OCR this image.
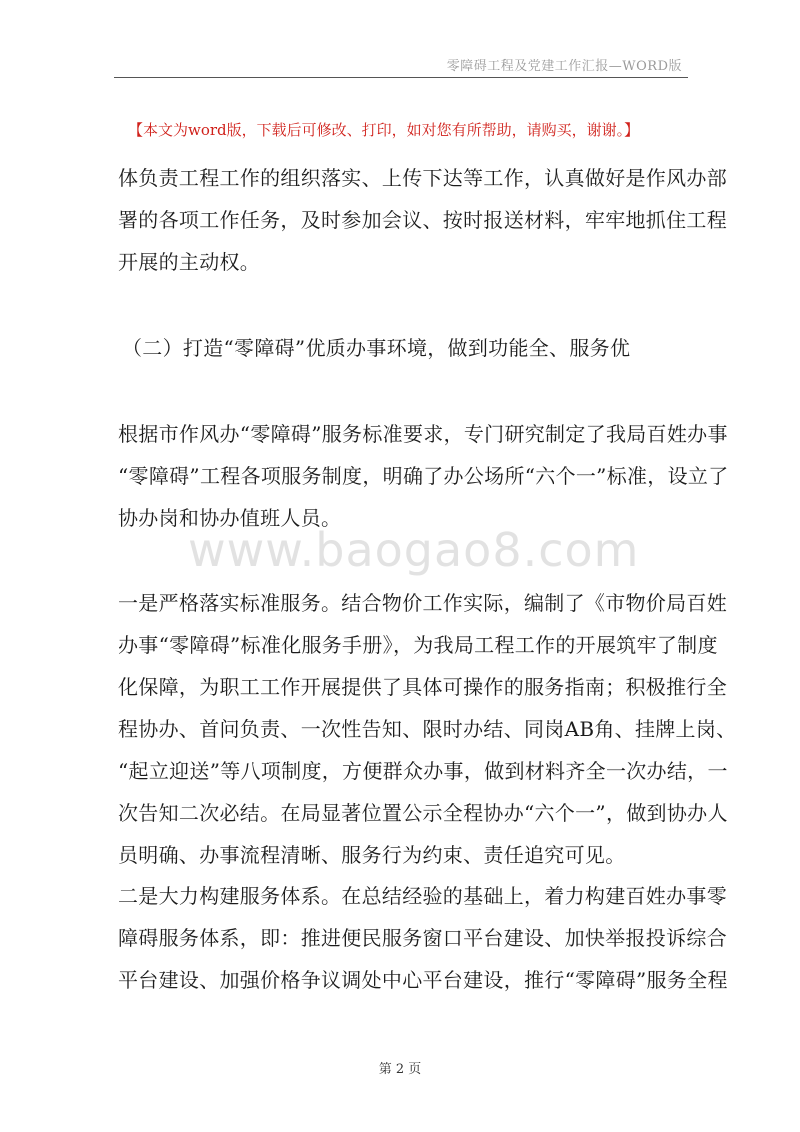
零障碍工程及党建工作汇报—WORD版
【本文为word版，下载后可修改、打印，如对您有所帮助，请购买，谢谢。】
体负责工程工作的组织落实、上传下达等工作，认真做好是作风办部
署的各项工作任务，及时参加会议、按时报送材料，牢牢地抓住工程
开展的主动权。
（二）打造“零障碍”优质办事环境，做到功能全、服务优
根据市作风办“零障碍”服务标准要求，专门研究制定了我局百姓办事
“零障碍”工程各项服务制度，明确了办公场所“六个一”标准，设立了
协办岗和协办值班人员。
www.baogao8.com
一是严格落实标准服务。结合物价工作实际，编制了《市物价局百姓
办事“零障碍”标准化服务手册》，为我局工程工作的开展筑牢了制度
化保障，为职工工作开展提供了具体可操作的服务指南；积极推行全
程协办、首问负责、一次性告知、限时办结、同岗AB角、挂牌上岗、
“起立迎送”等八项制度，方便群众办事，做到材料齐全一次办结，一
次告知二次必结。在局显著位置公示全程协办“六个一”，做到协办人
员明确、办事流程清晰、服务行为约束、责任追究可见。
二是大力构建服务体系。在总结经验的基础上，着力构建百姓办事零
障碍服务体系，即：推进便民服务窗口平台建设、加快举报投诉综合
平台建设、加强价格争议调处中心平台建设，推行“零障碍”服务全程
第 2 页
